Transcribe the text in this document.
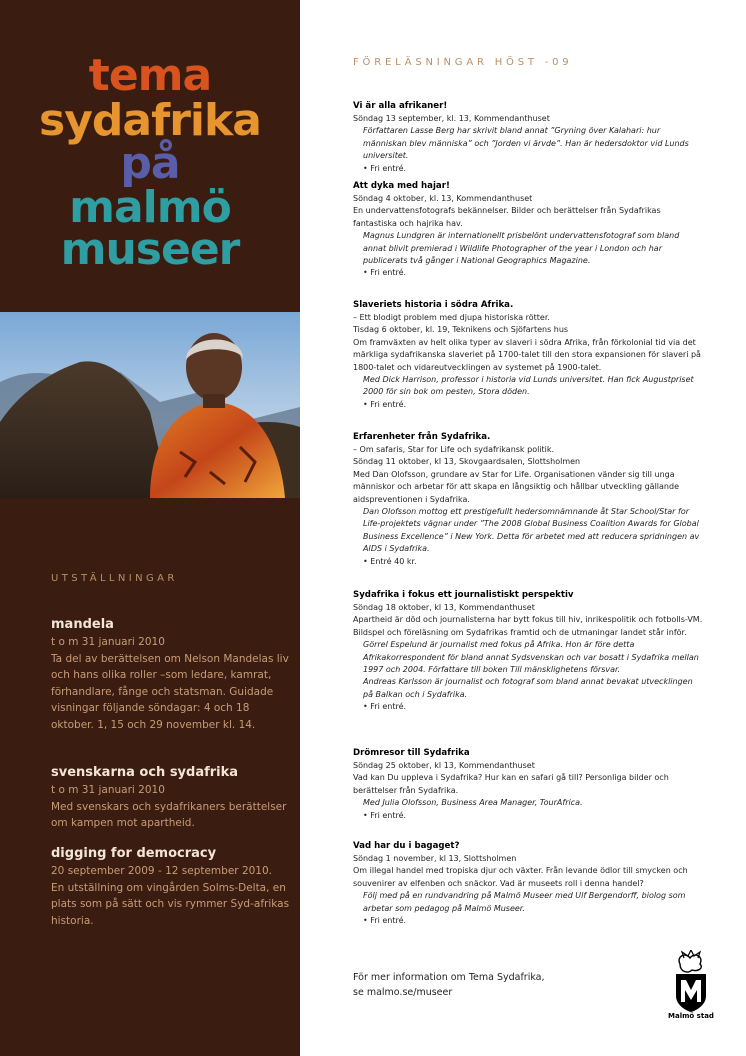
tema
sydafrika
på
malmö
museer
UTSTÄLLNINGAR
mandela
t o m 31 januari 2010
Ta del av berättelsen om Nelson Mandelas liv och hans olika roller –som ledare, kamrat, förhandlare, fånge och statsman. Guidade visningar följande söndagar: 4 och 18 oktober. 1, 15 och 29 november kl. 14.
svenskarna och sydafrika
t o m 31 januari 2010
Med svenskars och sydafrikaners berättelser om kampen mot apartheid.
digging for democracy
20 september 2009 - 12 september 2010.
En utställning om vingården Solms-Delta, en plats som på sätt och vis rymmer Syd-afrikas historia.
FÖRELÄSNINGAR HÖST -09
Vi är alla afrikaner!
Söndag 13 september, kl. 13, Kommendanthuset
Författaren Lasse Berg har skrivit bland annat ”Gryning över Kalahari: hur människan blev människa” och ”Jorden vi ärvde”. Han är hedersdoktor vid Lunds universitet.
• Fri entré.
Att dyka med hajar!
Söndag 4 oktober, kl. 13, Kommendanthuset
En undervattensfotografs bekännelser. Bilder och berättelser från Sydafrikas fantastiska och hajrika hav.
Magnus Lundgren är internationellt prisbelönt undervattensfotograf som bland annat blivit premierad i Wildlife Photographer of the year i London och har publicerats två gånger i National Geographics Magazine.
• Fri entré.
Slaveriets historia i södra Afrika.
– Ett blodigt problem med djupa historiska rötter.
Tisdag 6 oktober, kl. 19, Teknikens och Sjöfartens hus
Om framväxten av helt olika typer av slaveri i södra Afrika, från förkolonial tid via det märkliga sydafrikanska slaveriet på 1700-talet till den stora expansionen för slaveri på 1800-talet och vidareutvecklingen av systemet på 1900-talet.
Med Dick Harrison, professor i historia vid Lunds universitet. Han fick Augustpriset 2000 för sin bok om pesten, Stora döden.
• Fri entré.
Erfarenheter från Sydafrika.
– Om safaris, Star for Life och sydafrikansk politik.
Söndag 11 oktober, kl 13, Skovgaardsalen, Slottsholmen
Med Dan Olofsson, grundare av Star for Life. Organisationen vänder sig till unga människor och arbetar för att skapa en långsiktig och hållbar utveckling gällande aidspreventionen i Sydafrika.
Dan Olofsson mottog ett prestigefullt hedersomnämnande åt Star School/Star for Life-projektets vägnar under ”The 2008 Global Business Coalition Awards for Global Business Excellence” i New York. Detta för arbetet med att reducera spridningen av AIDS i Sydafrika.
• Entré 40 kr.
Sydafrika i fokus ett journalistiskt perspektiv
Söndag 18 oktober, kl 13, Kommendanthuset
Apartheid är död och journalisterna har bytt fokus till hiv, inrikespolitik och fotbolls-VM. Bildspel och föreläsning om Sydafrikas framtid och de utmaningar landet står inför.
Görrel Espelund är journalist med fokus på Afrika. Hon är före detta Afrikakorrespondent för bland annat Sydsvenskan och var bosatt i Sydafrika mellan 1997 och 2004. Författare till boken Till mänsklighetens försvar.
Andreas Karlsson är journalist och fotograf som bland annat bevakat utvecklingen på Balkan och i Sydafrika.
• Fri entré.
Drömresor till Sydafrika
Söndag 25 oktober, kl 13, Kommendanthuset
Vad kan Du uppleva i Sydafrika? Hur kan en safari gå till? Personliga bilder och berättelser från Sydafrika.
Med Julia Olofsson, Business Area Manager, TourAfrica.
• Fri entré.
Vad har du i bagaget?
Söndag 1 november, kl 13, Slottsholmen
Om illegal handel med tropiska djur och växter. Från levande ödlor till smycken och souvenirer av elfenben och snäckor. Vad är museets roll i denna handel?
Följ med på en rundvandring på Malmö Museer med Ulf Bergendorff, biolog som arbetar som pedagog på Malmö Museer.
• Fri entré.
För mer information om Tema Sydafrika,
se malmo.se/museer
Malmö stad
